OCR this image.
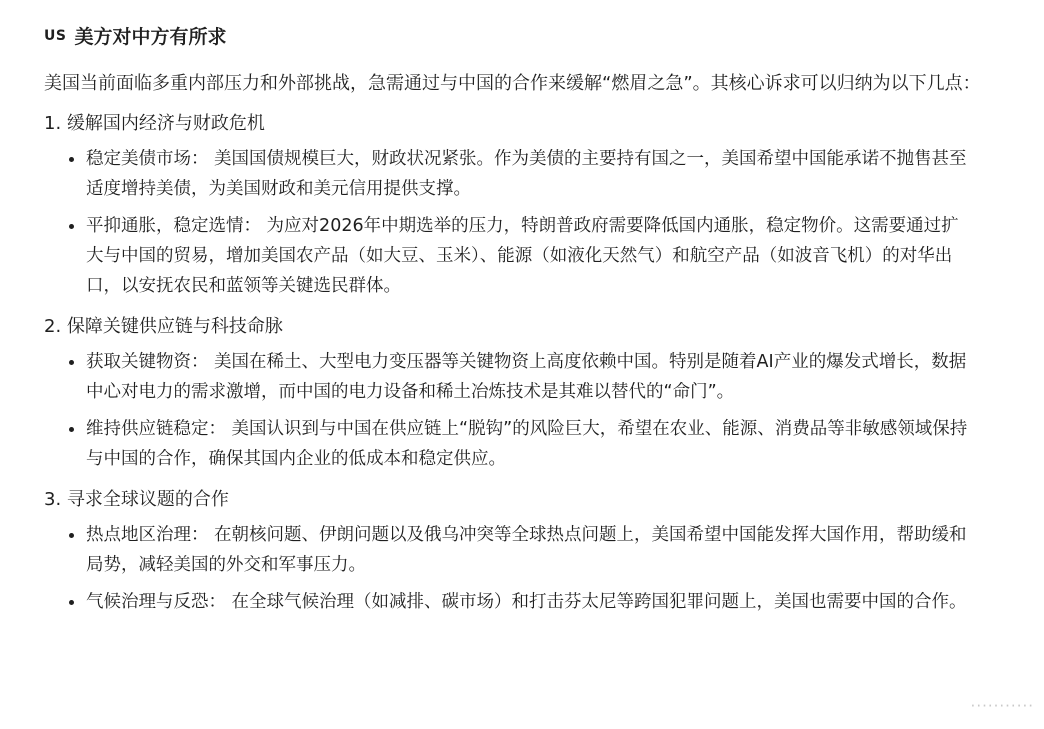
US 美方对中方有所求

美国当前面临多重内部压力和外部挑战，急需通过与中国的合作来缓解“燃眉之急”。其核心诉求可以归纳为以下几点：

1. 缓解国内经济与财政危机

稳定美债市场： 美国国债规模巨大，财政状况紧张。作为美债的主要持有国之一，美国希望中国能承诺不抛售甚至适度增持美债，为美国财政和美元信用提供支撑。
平抑通胀，稳定选情： 为应对2026年中期选举的压力，特朗普政府需要降低国内通胀，稳定物价。这需要通过扩大与中国的贸易，增加美国农产品（如大豆、玉米）、能源（如液化天然气）和航空产品（如波音飞机）的对华出口，以安抚农民和蓝领等关键选民群体。

2. 保障关键供应链与科技命脉

获取关键物资： 美国在稀土、大型电力变压器等关键物资上高度依赖中国。特别是随着AI产业的爆发式增长，数据中心对电力的需求激增，而中国的电力设备和稀土冶炼技术是其难以替代的“命门”。
维持供应链稳定： 美国认识到与中国在供应链上“脱钩”的风险巨大，希望在农业、能源、消费品等非敏感领域保持与中国的合作，确保其国内企业的低成本和稳定供应。

3. 寻求全球议题的合作

热点地区治理： 在朝核问题、伊朗问题以及俄乌冲突等全球热点问题上，美国希望中国能发挥大国作用，帮助缓和局势，减轻美国的外交和军事压力。
气候治理与反恐： 在全球气候治理（如减排、碳市场）和打击芬太尼等跨国犯罪问题上，美国也需要中国的合作。
···········
